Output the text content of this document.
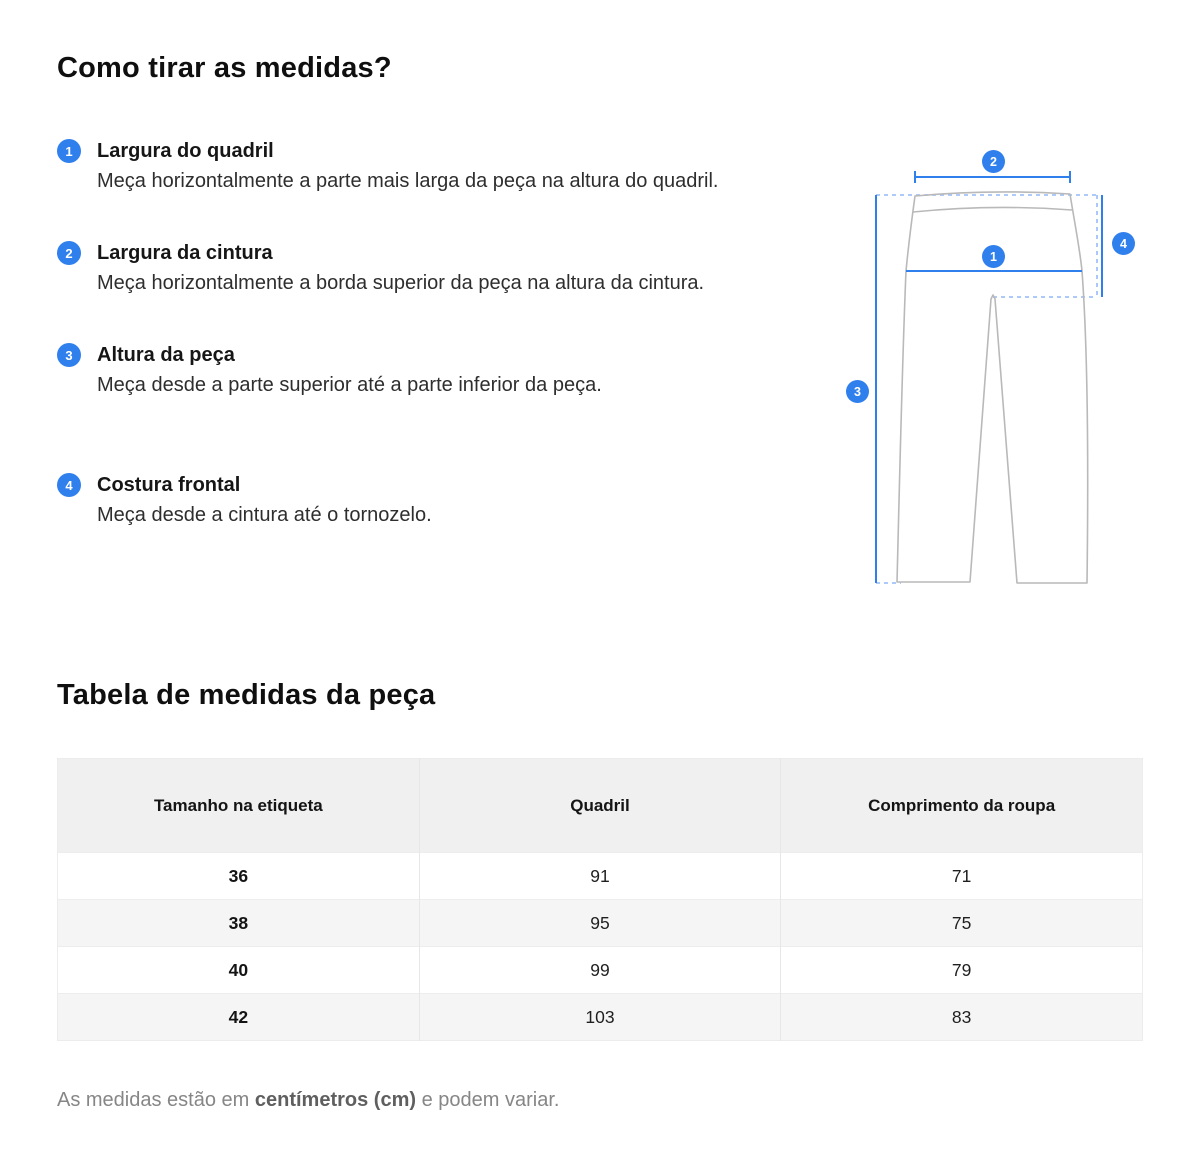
Como tirar as medidas?
1	Largura do quadril
Meça horizontalmente a parte mais larga da peça na altura do quadril.
2	Largura da cintura
Meça horizontalmente a borda superior da peça na altura da cintura.
3	Altura da peça
Meça desde a parte superior até a parte inferior da peça.
4	Costura frontal
Meça desde a cintura até o tornozelo.
1
2
3
4
Tabela de medidas da peça
Tamanho na etiqueta	Quadril	Comprimento da roupa
36	91	71
38	95	75
40	99	79
42	103	83

As medidas estão em centímetros (cm) e podem variar.
